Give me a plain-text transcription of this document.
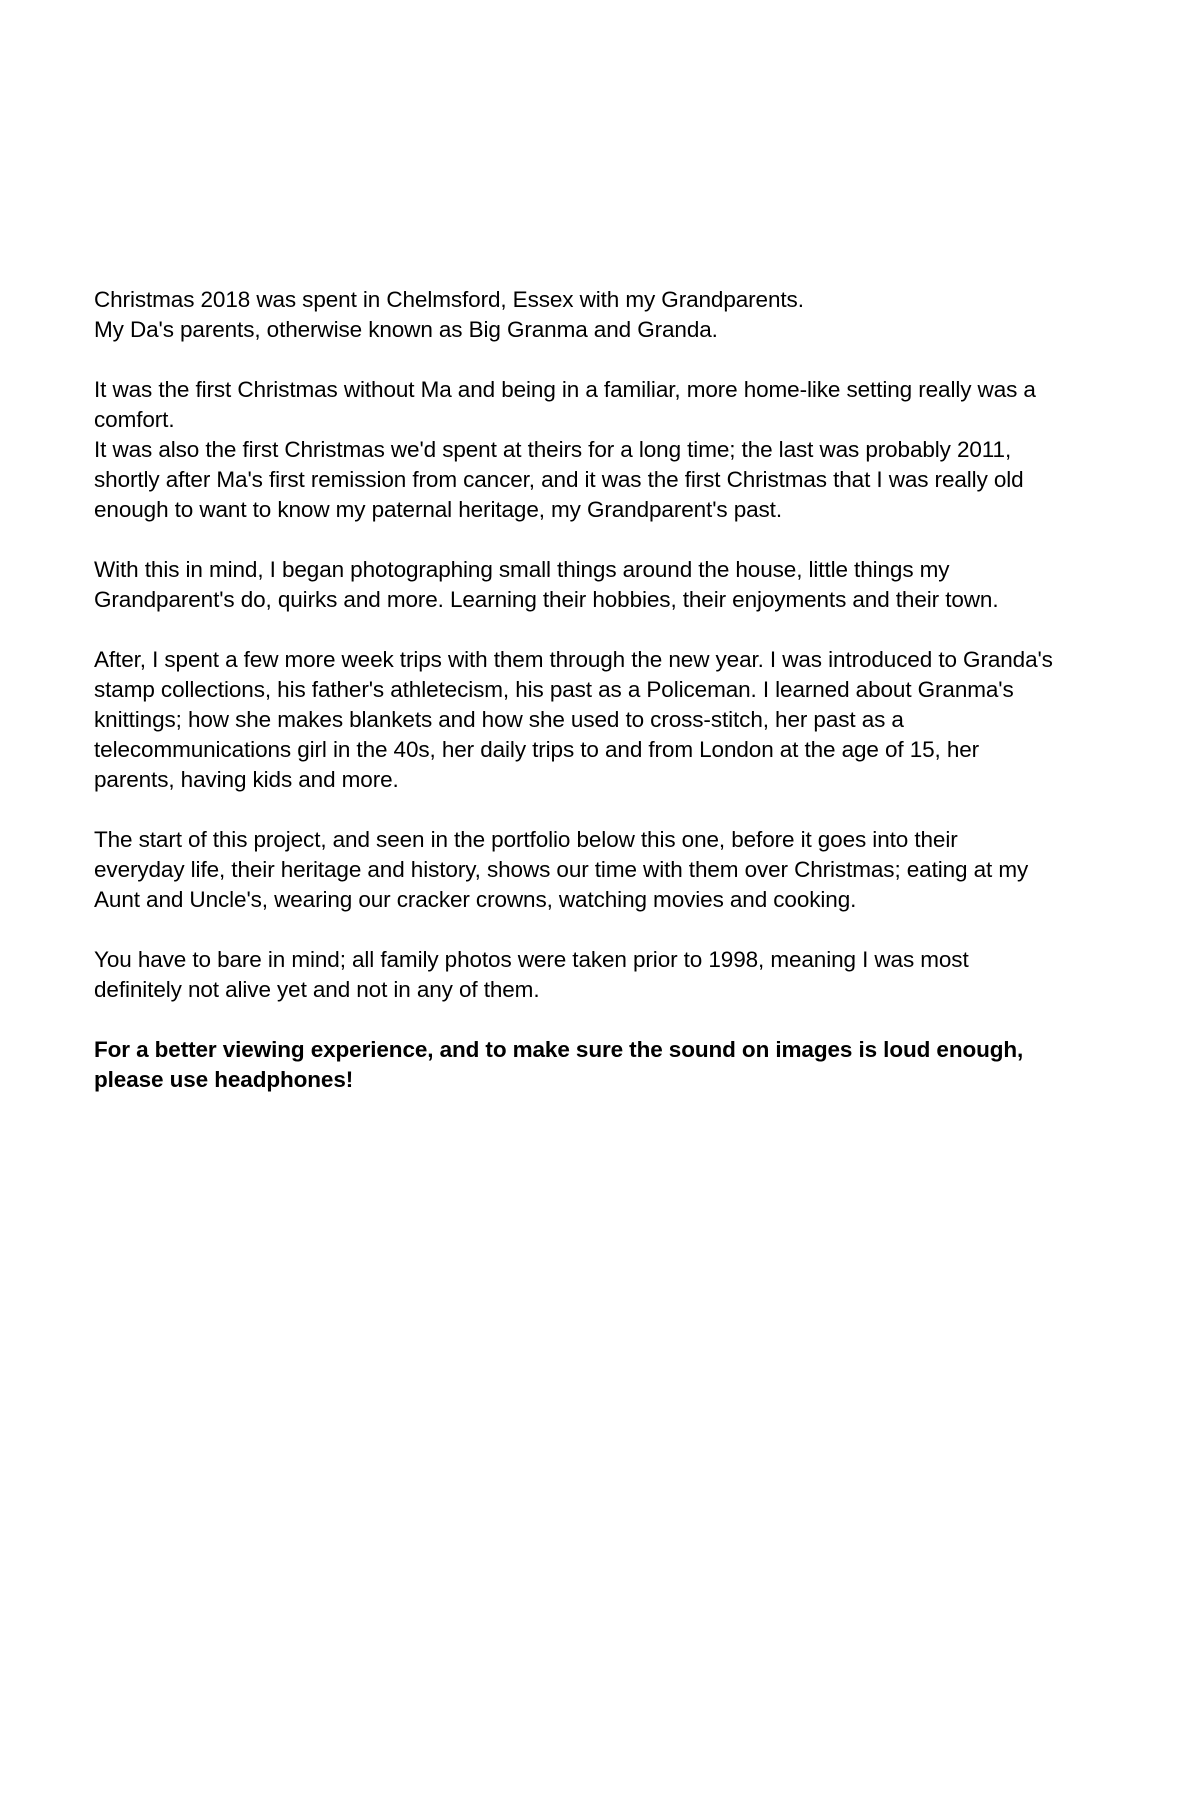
Christmas 2018 was spent in Chelmsford, Essex with my Grandparents.
My Da's parents, otherwise known as Big Granma and Granda.
It was the first Christmas without Ma and being in a familiar, more home-like setting really was a
comfort.
It was also the first Christmas we'd spent at theirs for a long time; the last was probably 2011,
shortly after Ma's first remission from cancer, and it was the first Christmas that I was really old
enough to want to know my paternal heritage, my Grandparent's past.
With this in mind, I began photographing small things around the house, little things my
Grandparent's do, quirks and more. Learning their hobbies, their enjoyments and their town.
After, I spent a few more week trips with them through the new year. I was introduced to Granda's
stamp collections, his father's athletecism, his past as a Policeman. I learned about Granma's
knittings; how she makes blankets and how she used to cross-stitch, her past as a
telecommunications girl in the 40s, her daily trips to and from London at the age of 15, her
parents, having kids and more.
The start of this project, and seen in the portfolio below this one, before it goes into their
everyday life, their heritage and history, shows our time with them over Christmas; eating at my
Aunt and Uncle's, wearing our cracker crowns, watching movies and cooking.
You have to bare in mind; all family photos were taken prior to 1998, meaning I was most
definitely not alive yet and not in any of them.
For a better viewing experience, and to make sure the sound on images is loud enough,
please use headphones!
